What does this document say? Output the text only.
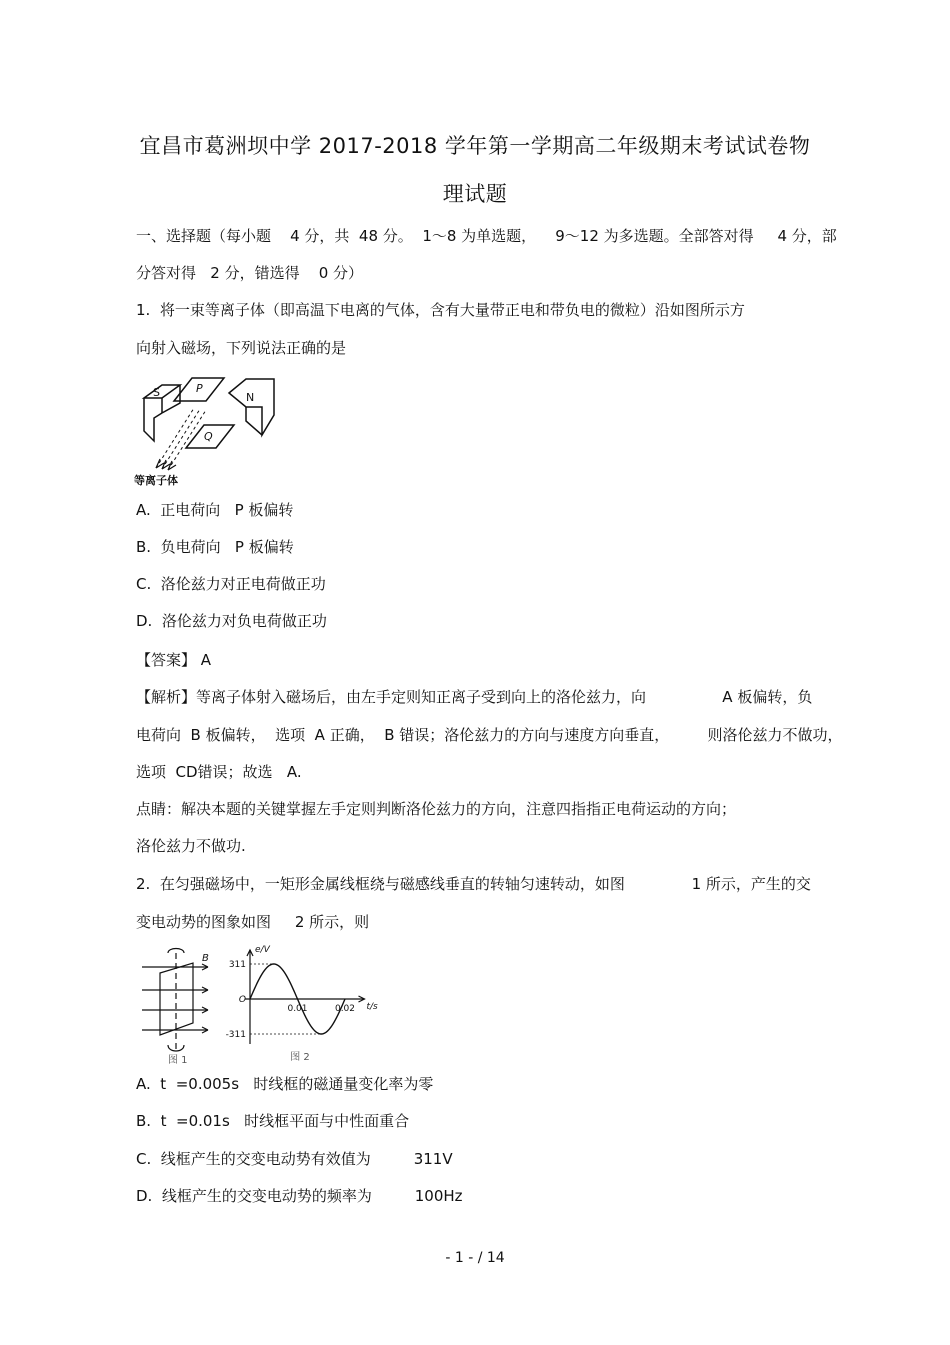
宜昌市葛洲坝中学 2017-2018 学年第一学期高二年级期末考试试卷物
理试题
一、选择题（每小题    4 分，共  48 分。  1～8 为单选题，    9～12 为多选题。全部答对得     4 分，部
分答对得   2 分，错选得    0 分）
1.  将一束等离子体（即高温下电离的气体，含有大量带正电和带负电的微粒）沿如图所示方
向射入磁场，下列说法正确的是
S	P
N
Q
等离子体
A.  正电荷向   P 板偏转
B.  负电荷向   P 板偏转
C.  洛伦兹力对正电荷做正功
D.  洛伦兹力对负电荷做正功
【答案】 A
【解析】等离子体射入磁场后，由左手定则知正离子受到向上的洛伦兹力，向                A 板偏转，负
电荷向  B 板偏转，  选项  A 正确，  B 错误；洛伦兹力的方向与速度方向垂直，        则洛伦兹力不做功，
选项  CD错误；故选   A.
点睛：解决本题的关键掌握左手定则判断洛伦兹力的方向，注意四指指正电荷运动的方向；
洛伦兹力不做功.
2.  在匀强磁场中，一矩形金属线框绕与磁感线垂直的转轴匀速转动，如图              1 所示，产生的交
变电动势的图象如图     2 所示，则
B
图 1
e/V
t/s
311
-311
O
0.01	0.02
图 2
A.  t  =0.005s   时线框的磁通量变化率为零
B.  t  =0.01s   时线框平面与中性面重合
C.  线框产生的交变电动势有效值为         311V
D.  线框产生的交变电动势的频率为         100Hz
- 1 - / 14
